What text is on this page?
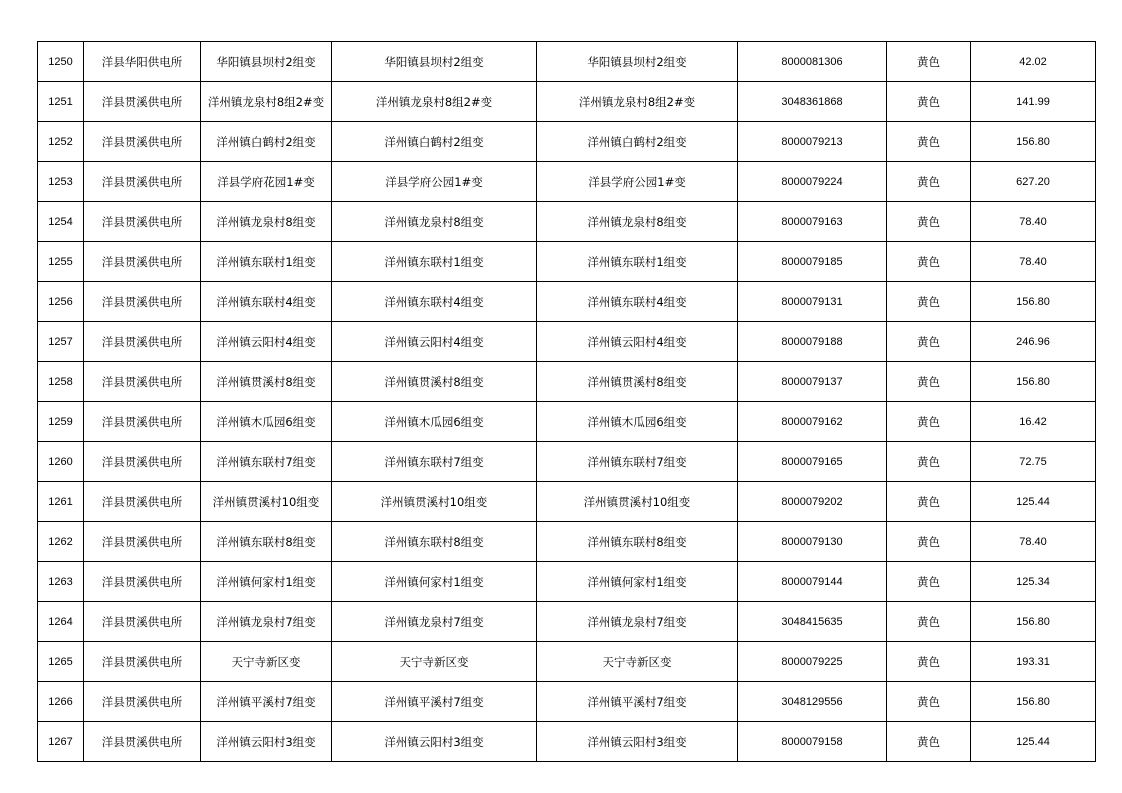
1250	洋县华阳供电所	华阳镇县坝村2组变	华阳镇县坝村2组变	华阳镇县坝村2组变	8000081306	黄色	42.02
1251	洋县贯溪供电所	洋州镇龙泉村8组2#变	洋州镇龙泉村8组2#变	洋州镇龙泉村8组2#变	3048361868	黄色	141.99
1252	洋县贯溪供电所	洋州镇白鹤村2组变	洋州镇白鹤村2组变	洋州镇白鹤村2组变	8000079213	黄色	156.80
1253	洋县贯溪供电所	洋县学府花园1#变	洋县学府公园1#变	洋县学府公园1#变	8000079224	黄色	627.20
1254	洋县贯溪供电所	洋州镇龙泉村8组变	洋州镇龙泉村8组变	洋州镇龙泉村8组变	8000079163	黄色	78.40
1255	洋县贯溪供电所	洋州镇东联村1组变	洋州镇东联村1组变	洋州镇东联村1组变	8000079185	黄色	78.40
1256	洋县贯溪供电所	洋州镇东联村4组变	洋州镇东联村4组变	洋州镇东联村4组变	8000079131	黄色	156.80
1257	洋县贯溪供电所	洋州镇云阳村4组变	洋州镇云阳村4组变	洋州镇云阳村4组变	8000079188	黄色	246.96
1258	洋县贯溪供电所	洋州镇贯溪村8组变	洋州镇贯溪村8组变	洋州镇贯溪村8组变	8000079137	黄色	156.80
1259	洋县贯溪供电所	洋州镇木瓜园6组变	洋州镇木瓜园6组变	洋州镇木瓜园6组变	8000079162	黄色	16.42
1260	洋县贯溪供电所	洋州镇东联村7组变	洋州镇东联村7组变	洋州镇东联村7组变	8000079165	黄色	72.75
1261	洋县贯溪供电所	洋州镇贯溪村10组变	洋州镇贯溪村10组变	洋州镇贯溪村10组变	8000079202	黄色	125.44
1262	洋县贯溪供电所	洋州镇东联村8组变	洋州镇东联村8组变	洋州镇东联村8组变	8000079130	黄色	78.40
1263	洋县贯溪供电所	洋州镇何家村1组变	洋州镇何家村1组变	洋州镇何家村1组变	8000079144	黄色	125.34
1264	洋县贯溪供电所	洋州镇龙泉村7组变	洋州镇龙泉村7组变	洋州镇龙泉村7组变	3048415635	黄色	156.80
1265	洋县贯溪供电所	天宁寺新区变	天宁寺新区变	天宁寺新区变	8000079225	黄色	193.31
1266	洋县贯溪供电所	洋州镇平溪村7组变	洋州镇平溪村7组变	洋州镇平溪村7组变	3048129556	黄色	156.80
1267	洋县贯溪供电所	洋州镇云阳村3组变	洋州镇云阳村3组变	洋州镇云阳村3组变	8000079158	黄色	125.44
